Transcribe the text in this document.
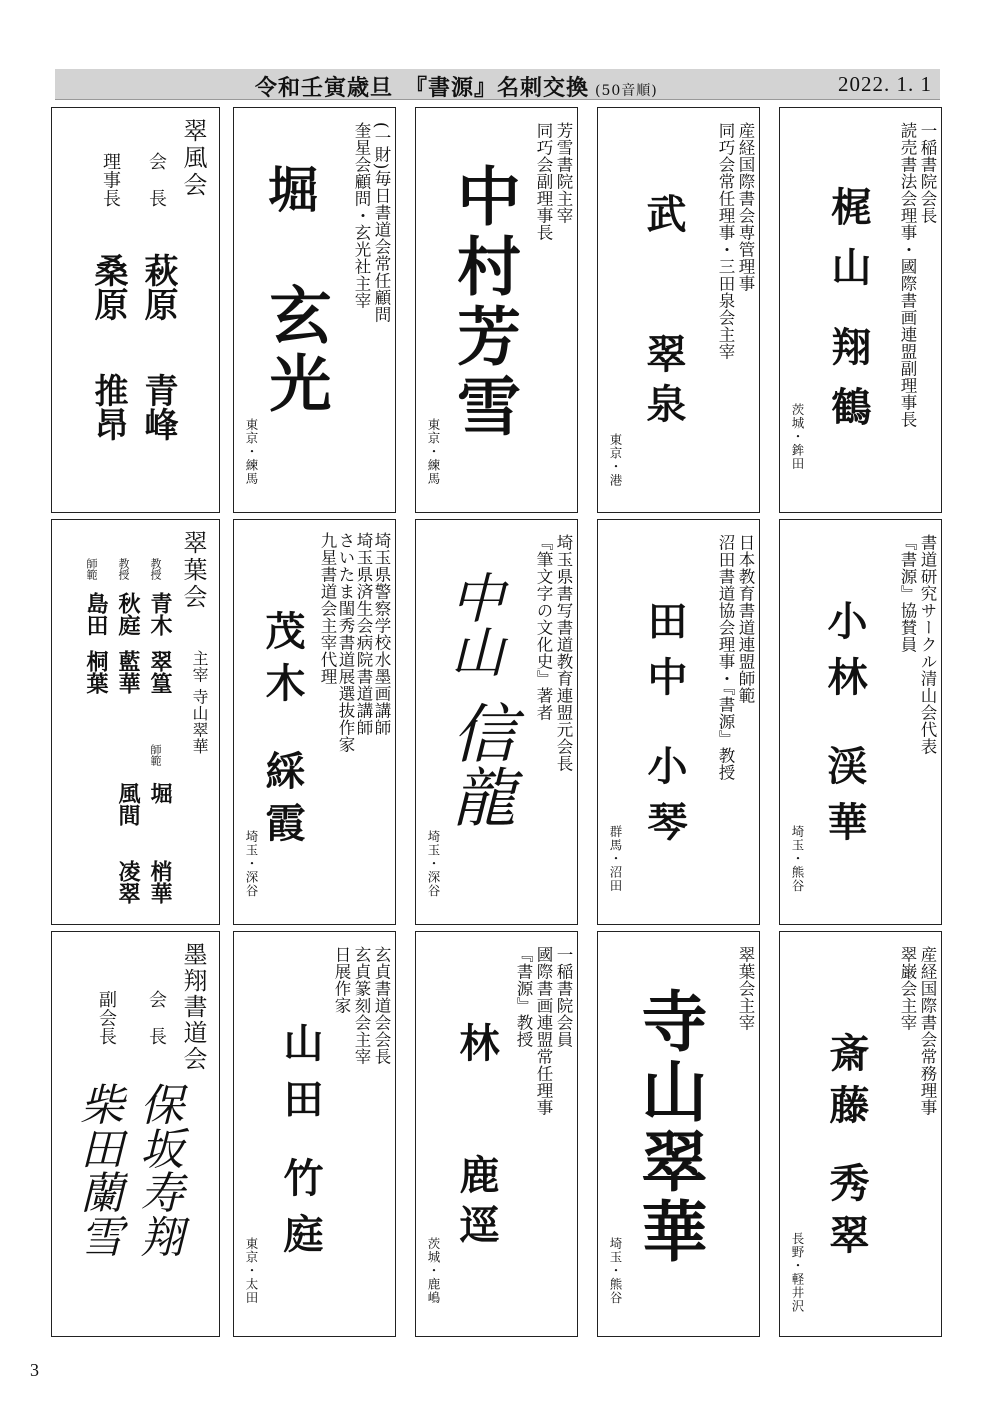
令和壬寅歳旦　『書源』名刺交換 (50音順)	2022. 1. 1
一稲書院会長
読売書法会理事・國際書画連盟副理事長
梶山
翔鶴
茨城・鉾田
産経国際書会専管理事
同巧会常任理事・三田泉会主宰
武
翠泉
東京・港
芳雪書院主宰
同巧会副理事長
中村芳雪
東京・練馬
(一財)毎日書道会常任顧問
奎星会顧問・玄光社主宰
堀
玄光
東京・練馬
翠風会
会　長
理事長
萩原
青峰
桑原
推昂
書道研究サークル清山会代表
『書源』協賛員
小林
渓華
埼玉・熊谷
日本教育書道連盟師範
沼田書道協会理事・『書源』教授
田中
小琴
群馬・沼田
埼玉県書写書道教育連盟元会長
『筆文字の文化史』著者
中山
信龍
埼玉・深谷
埼玉県警察学校水墨画講師
埼玉県済生会病院書道講師
さいたま閨秀書道展選抜作家
九星書道会主宰代理
茂木
綵霞
埼玉・深谷
翠葉会
主宰 寺山翠華
教授
青木
翠篁
教授
秋庭
藍華
師範
島田
桐葉
師範
堀
梢華
風間
凌翠
産経国際書会常務理事
翠巌会主宰
斎藤
秀翠
長野・軽井沢
翠葉会主宰
寺山翠華
埼玉・熊谷
一稲書院会員
國際書画連盟常任理事
『書源』教授
林
鹿逕
茨城・鹿嶋
玄貞書道会会長
玄貞篆刻会主宰
日展作家
山田
竹庭
東京・太田
墨翔書道会
会　長
副会長
保坂寿翔
柴田蘭雪
3
